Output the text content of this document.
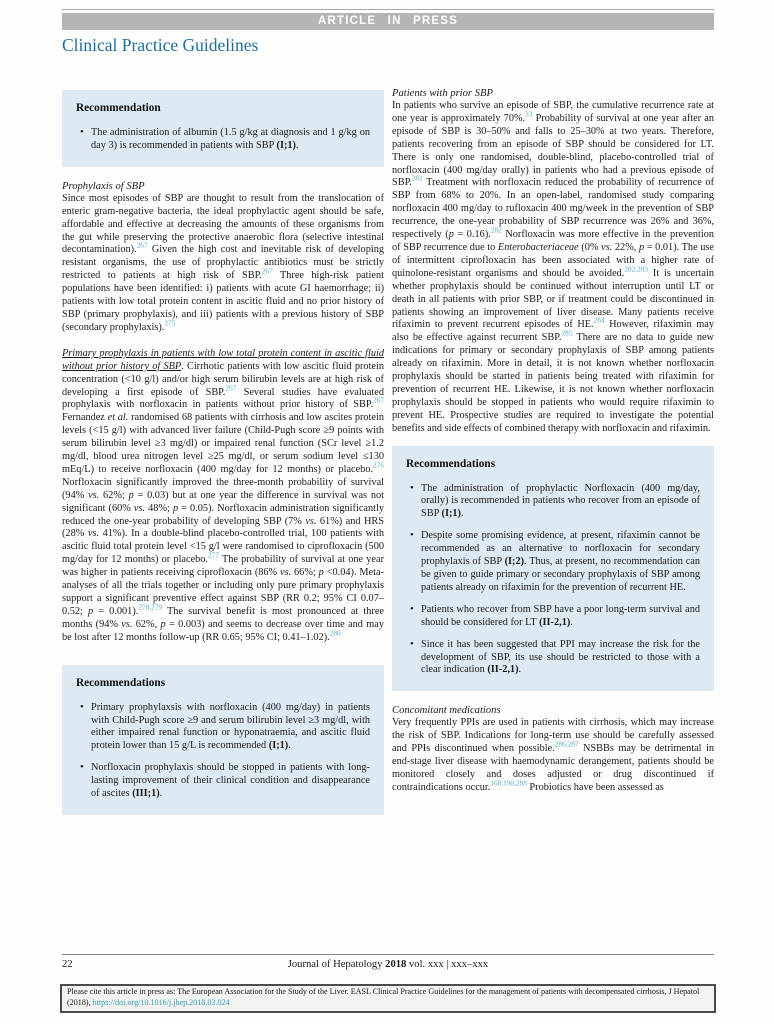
ARTICLE IN PRESS
Clinical Practice Guidelines
Recommendation
• The administration of albumin (1.5 g/kg at diagnosis and 1 g/kg on day 3) is recommended in patients with SBP (I;1).
Prophylaxis of SBP

Since most episodes of SBP are thought to result from the translocation of enteric gram-negative bacteria, the ideal prophylactic agent should be safe, affordable and effective at decreasing the amounts of these organisms from the gut while preserving the protective anaerobic flora (selective intestinal decontamination).$^{267}$ Given the high cost and inevitable risk of developing resistant organisms, the use of prophylactic antibiotics must be strictly restricted to patients at high risk of SBP.$^{267}$ Three high-risk patient populations have been identified: i) patients with acute GI haemorrhage; ii) patients with low total protein content in ascitic fluid and no prior history of SBP (primary prophylaxis), and iii) patients with a previous history of SBP (secondary prophylaxis).$^{275}$

Primary prophylaxis in patients with low total protein content in ascitic fluid without prior history of SBP. Cirrhotic patients with low ascitic fluid protein concentration (<10 g/l) and/or high serum bilirubin levels are at high risk of developing a first episode of SBP.$^{267}$ Several studies have evaluated prophylaxis with norfloxacin in patients without prior history of SBP.$^{267}$ Fernandez et al. randomised 68 patients with cirrhosis and low ascites protein levels (<15 g/l) with advanced liver failure (Child-Pugh score ≥9 points with serum bilirubin level ≥3 mg/dl) or impaired renal function (SCr level ≥1.2 mg/dl, blood urea nitrogen level ≥25 mg/dl, or serum sodium level ≤130 mEq/L) to receive norfloxacin (400 mg/day for 12 months) or placebo.$^{276}$ Norfloxacin significantly improved the three-month probability of survival (94% vs. 62%; p = 0.03) but at one year the difference in survival was not significant (60% vs. 48%; p = 0.05). Norfloxacin administration significantly reduced the one-year probability of developing SBP (7% vs. 61%) and HRS (28% vs. 41%). In a double-blind placebo-controlled trial, 100 patients with ascitic fluid total protein level <15 g/l were randomised to ciprofloxacin (500 mg/day for 12 months) or placebo.$^{277}$ The probability of survival at one year was higher in patients receiving ciprofloxacin (86% vs. 66%; p <0.04). Meta-analyses of all the trials together or including only pure primary prophylaxis support a significant preventive effect against SBP (RR 0.2; 95% CI 0.07–0.52; p = 0.001).$^{278,279}$ The survival benefit is most pronounced at three months (94% vs. 62%, p = 0.003) and seems to decrease over time and may be lost after 12 months follow-up (RR 0.65; 95% CI; 0.41–1.02).$^{280}$

Recommendations
• Primary prophylaxsis with norfloxacin (400 mg/day) in patients with Child-Pugh score ≥9 and serum bilirubin level ≥3 mg/dl, with either impaired renal function or hyponatraemia, and ascitic fluid protein lower than 15 g/L is recommended (I;1).
• Norfloxacin prophylaxis should be stopped in patients with long-lasting improvement of their clinical condition and disappearance of ascites (III;1).
Patients with prior SBP

In patients who survive an episode of SBP, the cumulative recurrence rate at one year is approximately 70%.$^{33}$ Probability of survival at one year after an episode of SBP is 30–50% and falls to 25–30% at two years. Therefore, patients recovering from an episode of SBP should be considered for LT. There is only one randomised, double-blind, placebo-controlled trial of norfloxacin (400 mg/day orally) in patients who had a previous episode of SBP.$^{281}$ Treatment with norfloxacin reduced the probability of recurrence of SBP from 68% to 20%. In an open-label, randomised study comparing norfloxacin 400 mg/day to rufloxacin 400 mg/week in the prevention of SBP recurrence, the one-year probability of SBP recurrence was 26% and 36%, respectively (p = 0.16).$^{282}$ Norfloxacin was more effective in the prevention of SBP recurrence due to Enterobacteriaceae (0% vs. 22%, p = 0.01). The use of intermittent ciprofloxacin has been associated with a higher rate of quinolone-resistant organisms and should be avoided.$^{282,283}$ It is uncertain whether prophylaxis should be continued without interruption until LT or death in all patients with prior SBP, or if treatment could be discontinued in patients showing an improvement of liver disease. Many patients receive rifaximin to prevent recurrent episodes of HE.$^{284}$ However, rifaximin may also be effective against recurrent SBP.$^{285}$ There are no data to guide new indications for primary or secondary prophylaxis of SBP among patients already on rifaximin. More in detail, it is not known whether norfloxacin prophylaxis should be started in patients being treated with rifaximin for prevention of recurrent HE. Likewise, it is not known whether norfloxacin prophylaxis should be stopped in patients who would require rifaximin to prevent HE. Prospective studies are required to investigate the potential benefits and side effects of combined therapy with norfloxacin and rifaximin.

Recommendations
• The administration of prophylactic Norfloxacin (400 mg/day, orally) is recommended in patients who recover from an episode of SBP (I;1).
• Despite some promising evidence, at present, rifaximin cannot be recommended as an alternative to norfloxacin for secondary prophylaxis of SBP (I;2). Thus, at present, no recommendation can be given to guide primary or secondary prophylaxis of SBP among patients already on rifaximin for the prevention of recurrent HE.
• Patients who recover from SBP have a poor long-term survival and should be considered for LT (II-2,1).
• Since it has been suggested that PPI may increase the risk for the development of SBP, its use should be restricted to those with a clear indication (II-2,1).
Concomitant medications

Very frequently PPIs are used in patients with cirrhosis, which may increase the risk of SBP. Indications for long-term use should be carefully assessed and PPIs discontinued when possible.$^{286,287}$ NSBBs may be detrimental in end-stage liver disease with haemodynamic derangement, patients should be monitored closely and doses adjusted or drug discontinued if contraindications occur.$^{168,190,288}$ Probiotics have been assessed as

22	Journal of Hepatology 2018 vol. xxx | xxx–xxx

Please cite this article in press as: The European Association for the Study of the Liver. EASL Clinical Practice Guidelines for the management of patients with decompensated cirrhosis, J Hepatol (2018), https://doi.org/10.1016/j.jhep.2018.03.024
